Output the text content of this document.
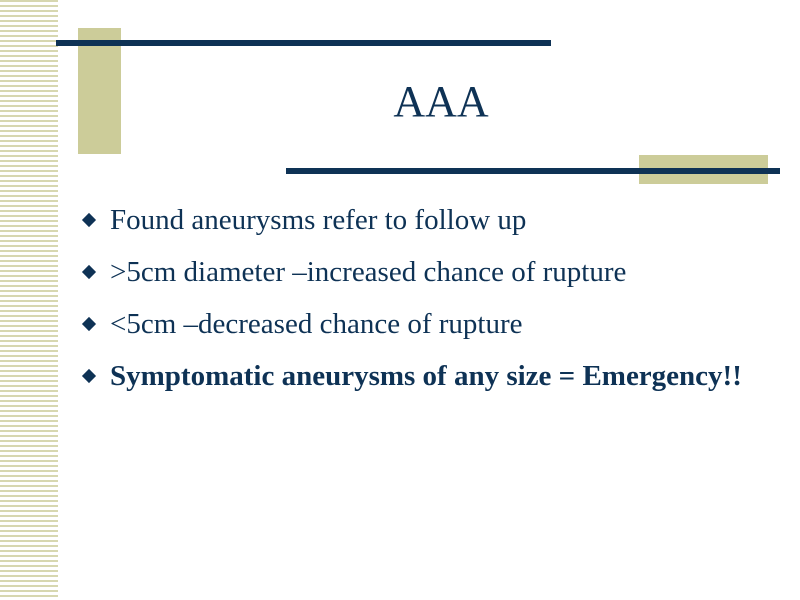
AAA
Found aneurysms refer to follow up
>5cm diameter –increased chance of rupture
<5cm –decreased chance of rupture
Symptomatic aneurysms of any size = Emergency!!
